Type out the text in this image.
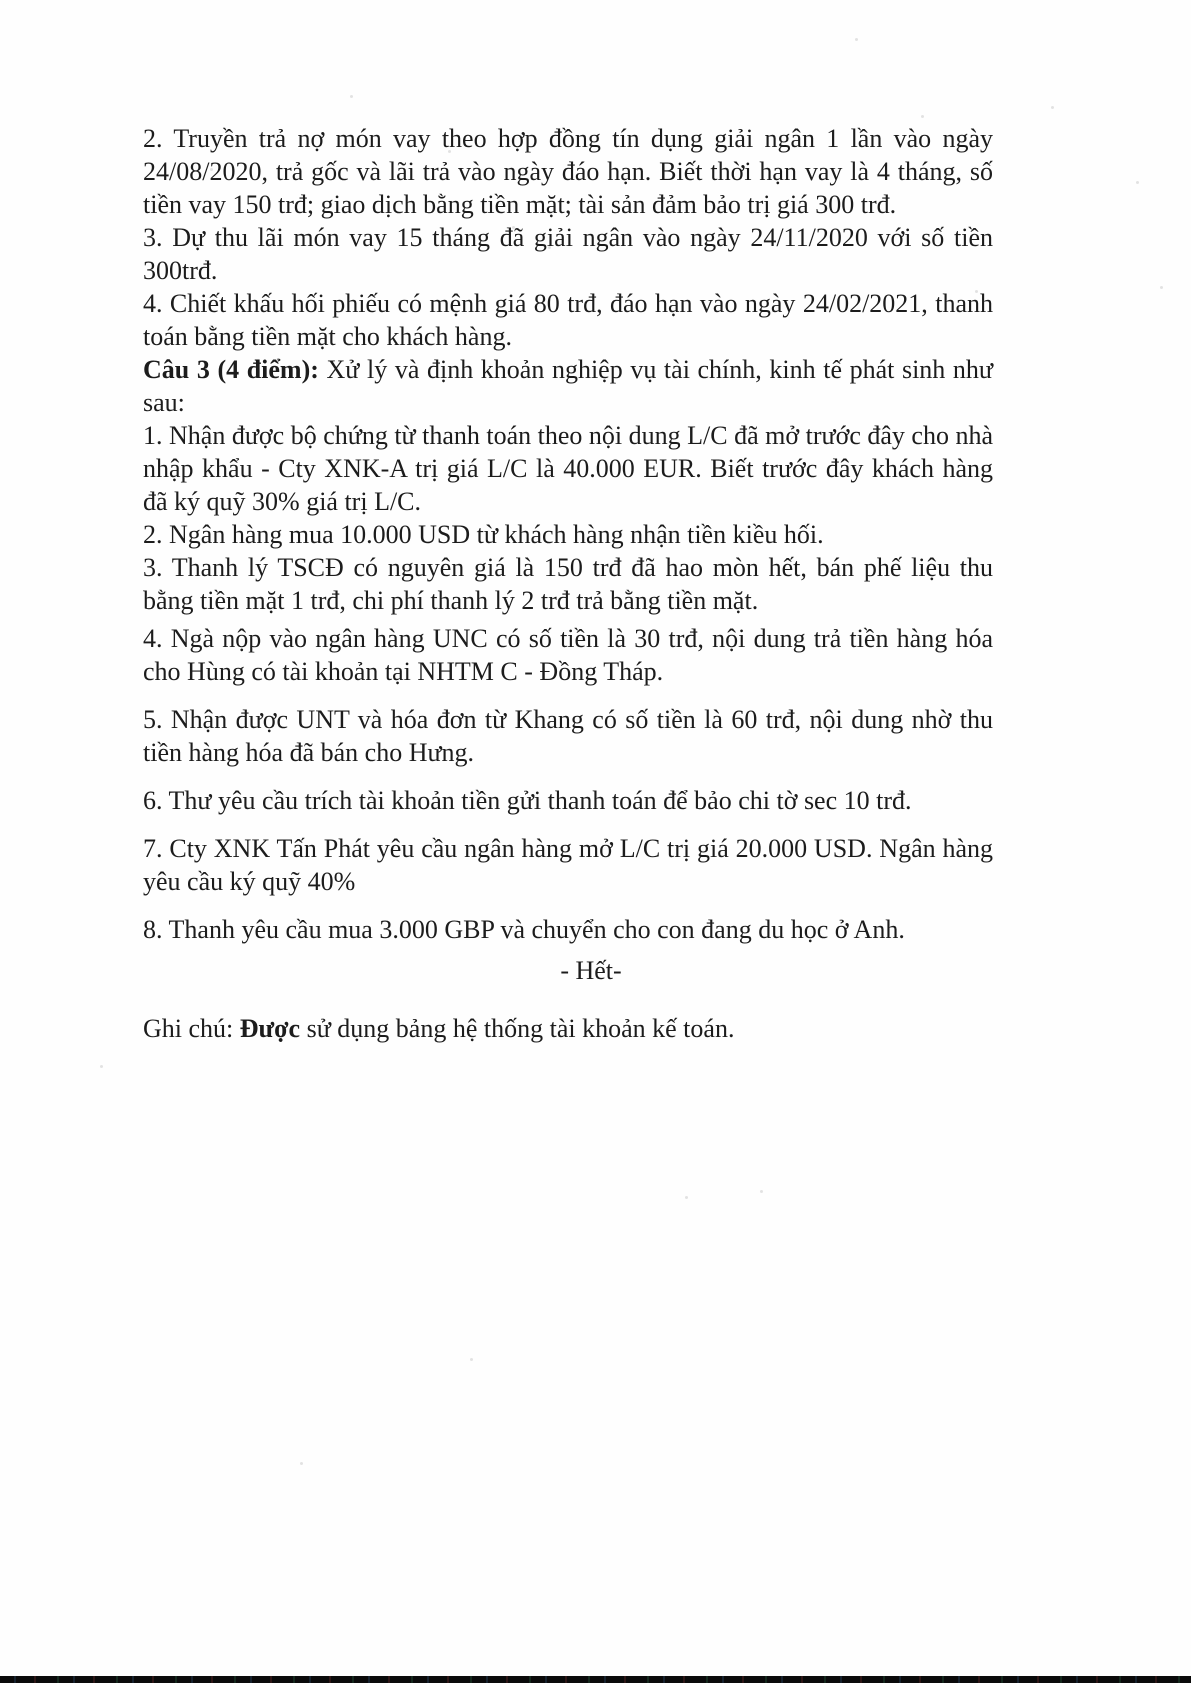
2. Truyền trả nợ món vay theo hợp đồng tín dụng giải ngân 1 lần vào ngày 24/08/2020, trả gốc và lãi trả vào ngày đáo hạn. Biết thời hạn vay là 4 tháng, số tiền vay 150 trđ; giao dịch bằng tiền mặt; tài sản đảm bảo trị giá 300 trđ.

3. Dự thu lãi món vay 15 tháng đã giải ngân vào ngày 24/11/2020 với số tiền 300trđ.

4. Chiết khấu hối phiếu có mệnh giá 80 trđ, đáo hạn vào ngày 24/02/2021, thanh toán bằng tiền mặt cho khách hàng.

Câu 3 (4 điểm): Xử lý và định khoản nghiệp vụ tài chính, kinh tế phát sinh như sau:

1. Nhận được bộ chứng từ thanh toán theo nội dung L/C đã mở trước đây cho nhà nhập khẩu - Cty XNK-A trị giá L/C là 40.000 EUR. Biết trước đây khách hàng đã ký quỹ 30% giá trị L/C.

2. Ngân hàng mua 10.000 USD từ khách hàng nhận tiền kiều hối.

3. Thanh lý TSCĐ có nguyên giá là 150 trđ đã hao mòn hết, bán phế liệu thu bằng tiền mặt 1 trđ, chi phí thanh lý 2 trđ trả bằng tiền mặt.

4. Ngà nộp vào ngân hàng UNC có số tiền là 30 trđ, nội dung trả tiền hàng hóa cho Hùng có tài khoản tại NHTM C - Đồng Tháp.

5. Nhận được UNT và hóa đơn từ Khang có số tiền là 60 trđ, nội dung nhờ thu tiền hàng hóa đã bán cho Hưng.

6. Thư yêu cầu trích tài khoản tiền gửi thanh toán để bảo chi tờ sec 10 trđ.

7. Cty XNK Tấn Phát yêu cầu ngân hàng mở L/C trị giá 20.000 USD. Ngân hàng yêu cầu ký quỹ 40%

8. Thanh yêu cầu mua 3.000 GBP và chuyển cho con đang du học ở Anh.

- Hết-

Ghi chú: Được sử dụng bảng hệ thống tài khoản kế toán.
